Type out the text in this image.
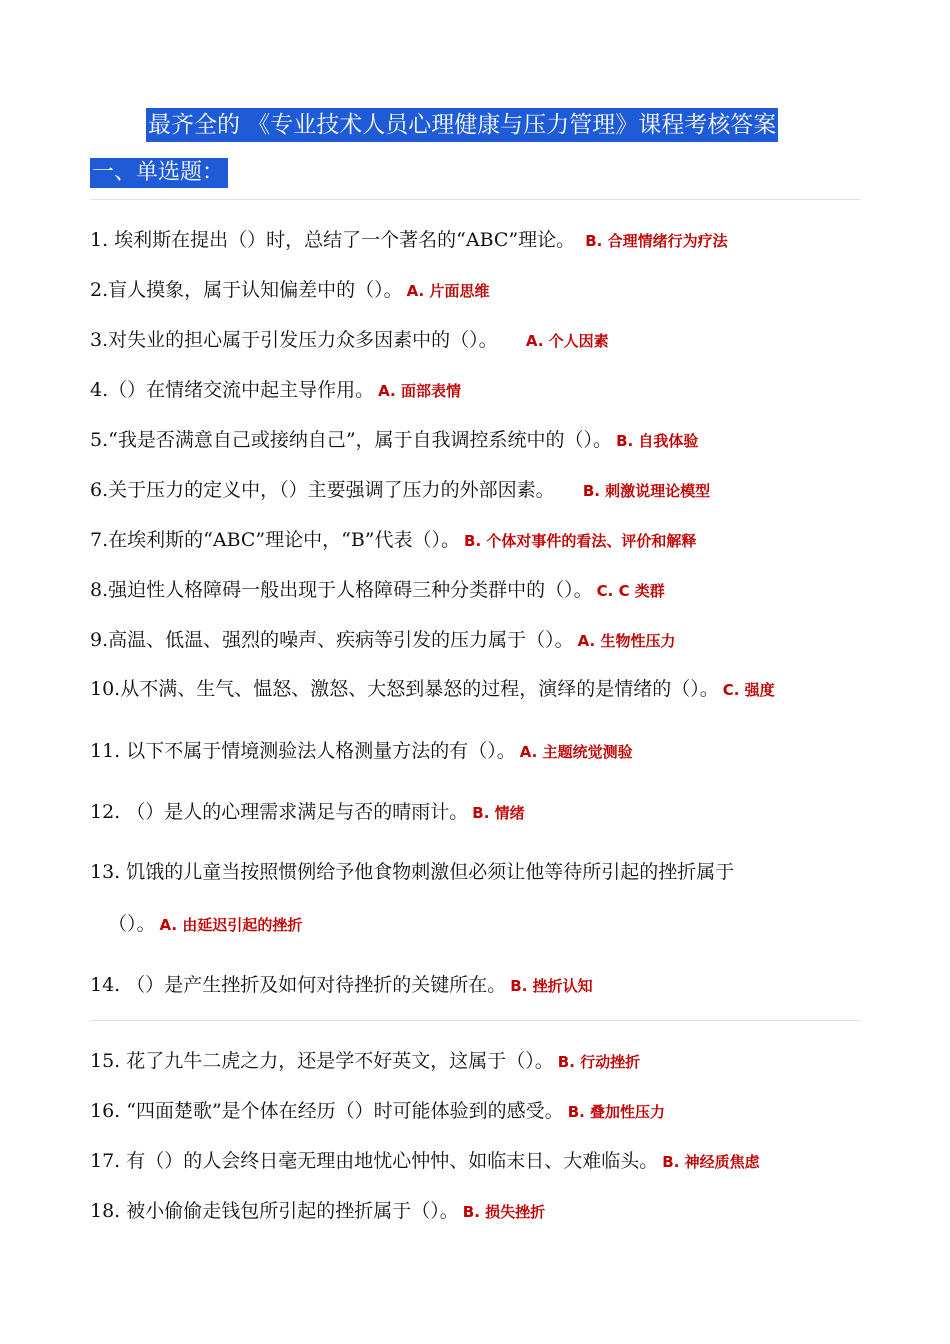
最齐全的 《专业技术人员心理健康与压力管理》课程考核答案
一、单选题：
1. 埃利斯在提出（）时，总结了一个著名的“ABC”理论。 B. 合理情绪行为疗法
2.盲人摸象，属于认知偏差中的（）。 A. 片面思维
3.对失业的担心属于引发压力众多因素中的（）。 A. 个人因素
4.（）在情绪交流中起主导作用。 A. 面部表情
5.“我是否满意自己或接纳自己”，属于自我调控系统中的（）。 B. 自我体验
6.关于压力的定义中，（）主要强调了压力的外部因素。 B. 刺激说理论模型
7.在埃利斯的“ABC”理论中，“B”代表（）。 B. 个体对事件的看法、评价和解释
8.强迫性人格障碍一般出现于人格障碍三种分类群中的（）。 C. C 类群
9.高温、低温、强烈的噪声、疾病等引发的压力属于（）。 A. 生物性压力
10.从不满、生气、愠怒、激怒、大怒到暴怒的过程，演绎的是情绪的（）。 C. 强度
11. 以下不属于情境测验法人格测量方法的有（）。 A. 主题统觉测验
12. （）是人的心理需求满足与否的晴雨计。 B. 情绪
13. 饥饿的儿童当按照惯例给予他食物刺激但必须让他等待所引起的挫折属于
（）。 A. 由延迟引起的挫折
14. （）是产生挫折及如何对待挫折的关键所在。 B. 挫折认知
15. 花了九牛二虎之力，还是学不好英文，这属于（）。 B. 行动挫折
16. “四面楚歌”是个体在经历（）时可能体验到的感受。 B. 叠加性压力
17. 有（）的人会终日毫无理由地忧心忡忡、如临末日、大难临头。 B. 神经质焦虑
18. 被小偷偷走钱包所引起的挫折属于（）。 B. 损失挫折
